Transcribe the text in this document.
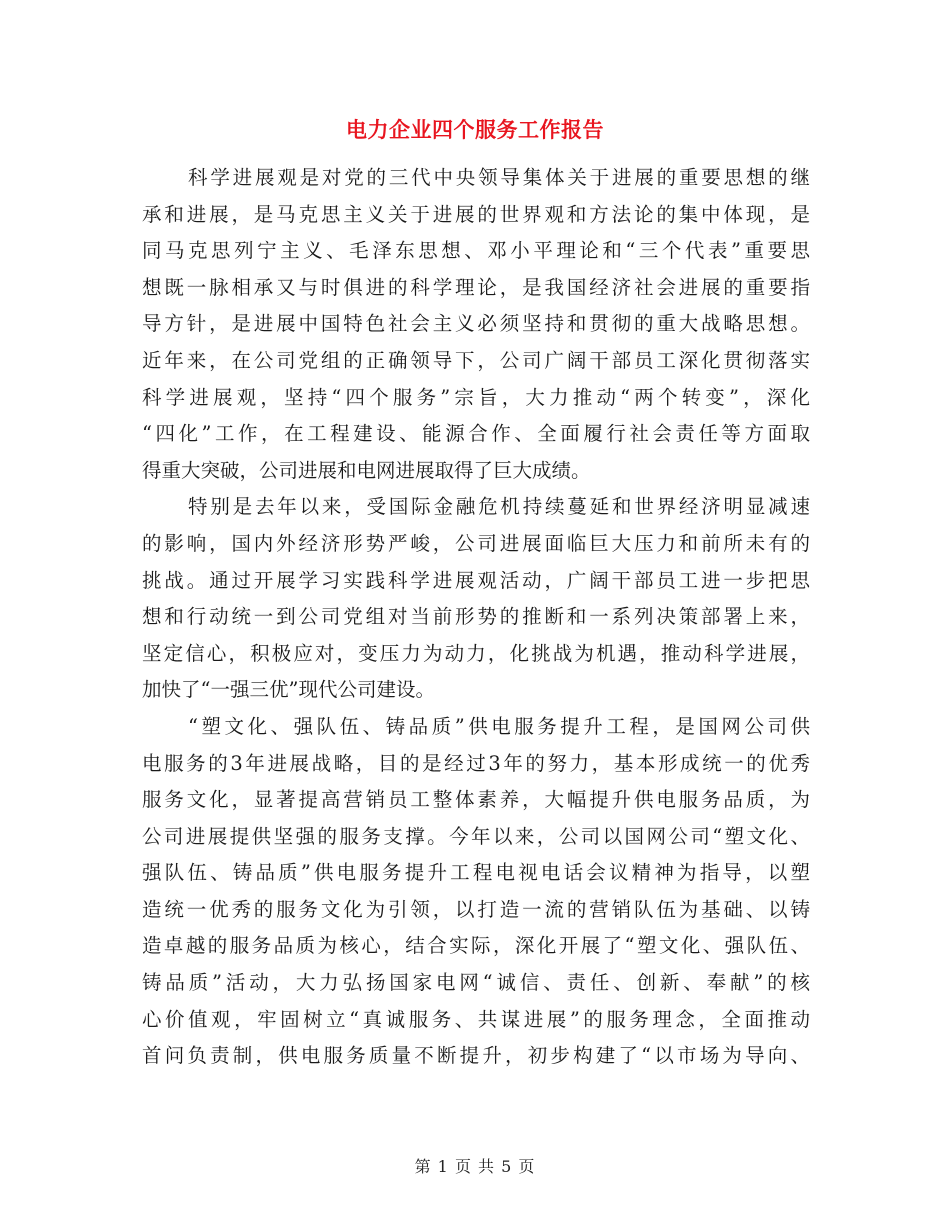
电力企业四个服务工作报告
科学进展观是对党的三代中央领导集体关于进展的重要思想的继
承和进展，是马克思主义关于进展的世界观和方法论的集中体现，是
同马克思列宁主义、毛泽东思想、邓小平理论和“三个代表”重要思
想既一脉相承又与时俱进的科学理论，是我国经济社会进展的重要指
导方针，是进展中国特色社会主义必须坚持和贯彻的重大战略思想。
近年来，在公司党组的正确领导下，公司广阔干部员工深化贯彻落实
科学进展观，坚持“四个服务”宗旨，大力推动“两个转变”，深化
“四化”工作，在工程建设、能源合作、全面履行社会责任等方面取
得重大突破，公司进展和电网进展取得了巨大成绩。
特别是去年以来，受国际金融危机持续蔓延和世界经济明显减速
的影响，国内外经济形势严峻，公司进展面临巨大压力和前所未有的
挑战。通过开展学习实践科学进展观活动，广阔干部员工进一步把思
想和行动统一到公司党组对当前形势的推断和一系列决策部署上来，
坚定信心，积极应对，变压力为动力，化挑战为机遇，推动科学进展，
加快了“一强三优”现代公司建设。
“塑文化、强队伍、铸品质”供电服务提升工程，是国网公司供
电服务的3年进展战略，目的是经过3年的努力，基本形成统一的优秀
服务文化，显著提高营销员工整体素养，大幅提升供电服务品质，为
公司进展提供坚强的服务支撑。今年以来，公司以国网公司“塑文化、
强队伍、铸品质”供电服务提升工程电视电话会议精神为指导，以塑
造统一优秀的服务文化为引领，以打造一流的营销队伍为基础、以铸
造卓越的服务品质为核心，结合实际，深化开展了“塑文化、强队伍、
铸品质”活动，大力弘扬国家电网“诚信、责任、创新、奉献”的核
心价值观，牢固树立“真诚服务、共谋进展”的服务理念，全面推动
首问负责制，供电服务质量不断提升，初步构建了“以市场为导向、
第 1 页 共 5 页
